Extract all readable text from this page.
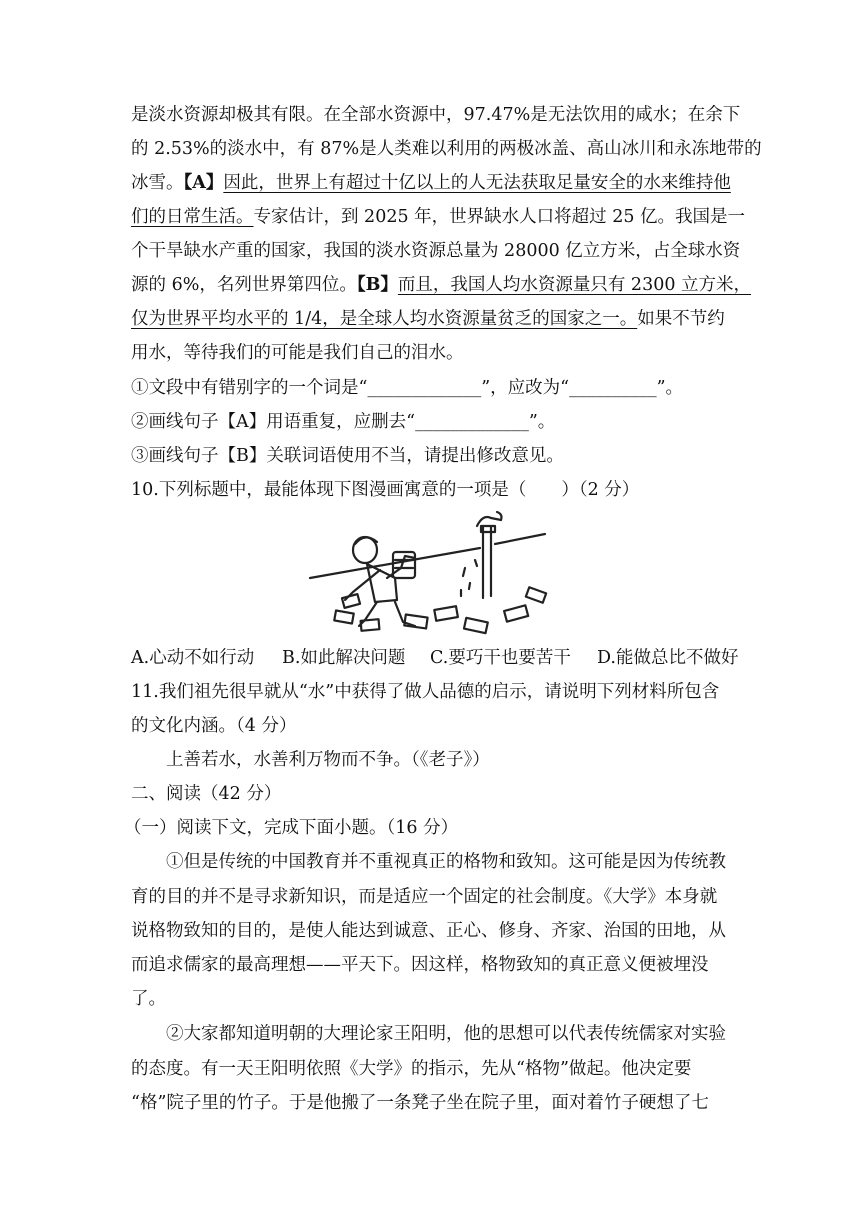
是淡水资源却极其有限。在全部水资源中，97.47%是无法饮用的咸水；在余下
的 2.53%的淡水中，有 87%是人类难以利用的两极冰盖、高山冰川和永冻地带的
冰雪。【A】因此，世界上有超过十亿以上的人无法获取足量安全的水来维持他
们的日常生活。专家估计，到 2025 年，世界缺水人口将超过 25 亿。我国是一
个干旱缺水产重的国家，我国的淡水资源总量为 28000 亿立方米，占全球水资
源的 6%，名列世界第四位。【B】而且，我国人均水资源量只有 2300 立方米，
仅为世界平均水平的 1/4，是全球人均水资源量贫乏的国家之一。如果不节约
用水，等待我们的可能是我们自己的泪水。
①文段中有错别字的一个词是“_____________”，应改为“__________”。
②画线句子【A】用语重复，应删去“_____________”。
③画线句子【B】关联词语使用不当，请提出修改意见。
10.下列标题中，最能体现下图漫画寓意的一项是（　　）（2 分）
A.心动不如行动 B.如此解决问题 C.要巧干也要苦干 D.能做总比不做好
11.我们祖先很早就从“水”中获得了做人品德的启示，请说明下列材料所包含
的文化内涵。（4 分）
上善若水，水善利万物而不争。（《老子》）
二、阅读（42 分）
（一）阅读下文，完成下面小题。（16 分）
①但是传统的中国教育并不重视真正的格物和致知。这可能是因为传统教
育的目的并不是寻求新知识，而是适应一个固定的社会制度。《大学》本身就
说格物致知的目的，是使人能达到诚意、正心、修身、齐家、治国的田地，从
而追求儒家的最高理想——平天下。因这样，格物致知的真正意义便被埋没
了。
②大家都知道明朝的大理论家王阳明，他的思想可以代表传统儒家对实验
的态度。有一天王阳明依照《大学》的指示，先从“格物”做起。他决定要
“格”院子里的竹子。于是他搬了一条凳子坐在院子里，面对着竹子硬想了七
